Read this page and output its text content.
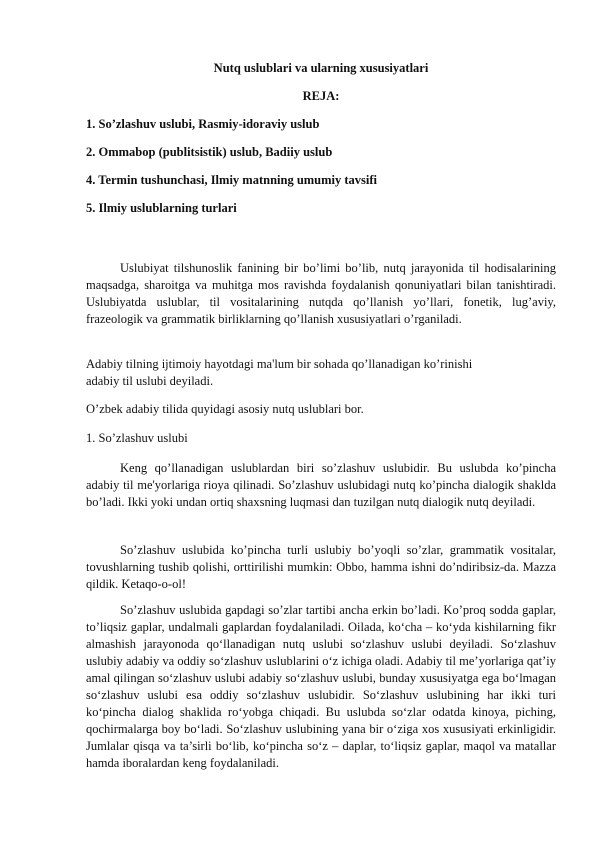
Nutq uslublari va ularning xususiyatlari
REJA:
1. So’zlashuv uslubi, Rasmiy-idoraviy uslub
2. Ommabop (publitsistik) uslub, Badiiy uslub
4. Termin tushunchasi, Ilmiy matnning umumiy tavsifi
5. Ilmiy uslublarning turlari

Uslubiyat tilshunoslik fanining bir bo’limi bo’lib, nutq jarayonida til hodisalarining maqsadga, sharoitga va muhitga mos ravishda foydalanish qonuniyatlari bilan tanishtiradi. Uslubiyatda uslublar, til vositalarining nutqda qo’llanish yo’llari, fonetik, lug’aviy, frazeologik va grammatik birliklarning qo’llanish xususiyatlari o’rganiladi.

Adabiy tilning ijtimoiy hayotdagi ma'lum bir sohada qo’llanadigan ko’rinishi
adabiy til uslubi deyiladi.
O’zbek adabiy tilida quyidagi asosiy nutq uslublari bor.
1. So’zlashuv uslubi

Keng qo’llanadigan uslublardan biri so’zlashuv uslubidir. Bu uslubda ko’pincha adabiy til me'yorlariga rioya qilinadi. So’zlashuv uslubidagi nutq ko’pincha dialogik shaklda bo’ladi. Ikki yoki undan ortiq shaxsning luqmasi dan tuzilgan nutq dialogik nutq deyiladi.

So’zlashuv uslubida ko’pincha turli uslubiy bo’yoqli so’zlar, grammatik vositalar, tovushlarning tushib qolishi, orttirilishi mumkin: Obbo, hamma ishni do’ndiribsiz-da. Mazza qildik. Ketaqo-o-ol!

So’zlashuv uslubida gapdagi so’zlar tartibi ancha erkin bo’ladi. Ko’proq sodda gaplar, to’liqsiz gaplar, undalmali gaplardan foydalaniladi. Oilada, ko‘cha – ko‘yda kishilarning fikr almashish jarayonoda qo‘llanadigan nutq uslubi so‘zlashuv uslubi deyiladi. So‘zlashuv uslubiy adabiy va oddiy so‘zlashuv uslublarini o‘z ichiga oladi. Adabiy til me’yorlariga qat’iy amal qilingan so‘zlashuv uslubi adabiy so‘zlashuv uslubi, bunday xususiyatga ega bo‘lmagan so‘zlashuv uslubi esa oddiy so‘zlashuv uslubidir. So‘zlashuv uslubining har ikki turi ko‘pincha dialog shaklida ro‘yobga chiqadi. Bu uslubda so‘zlar odatda kinoya, piching, qochirmalarga boy bo‘ladi. So‘zlashuv uslubining yana bir o‘ziga xos xususiyati erkinligidir. Jumlalar qisqa va ta’sirli bo‘lib, ko‘pincha so‘z – daplar, to‘liqsiz gaplar, maqol va matallar hamda iboralardan keng foydalaniladi.
